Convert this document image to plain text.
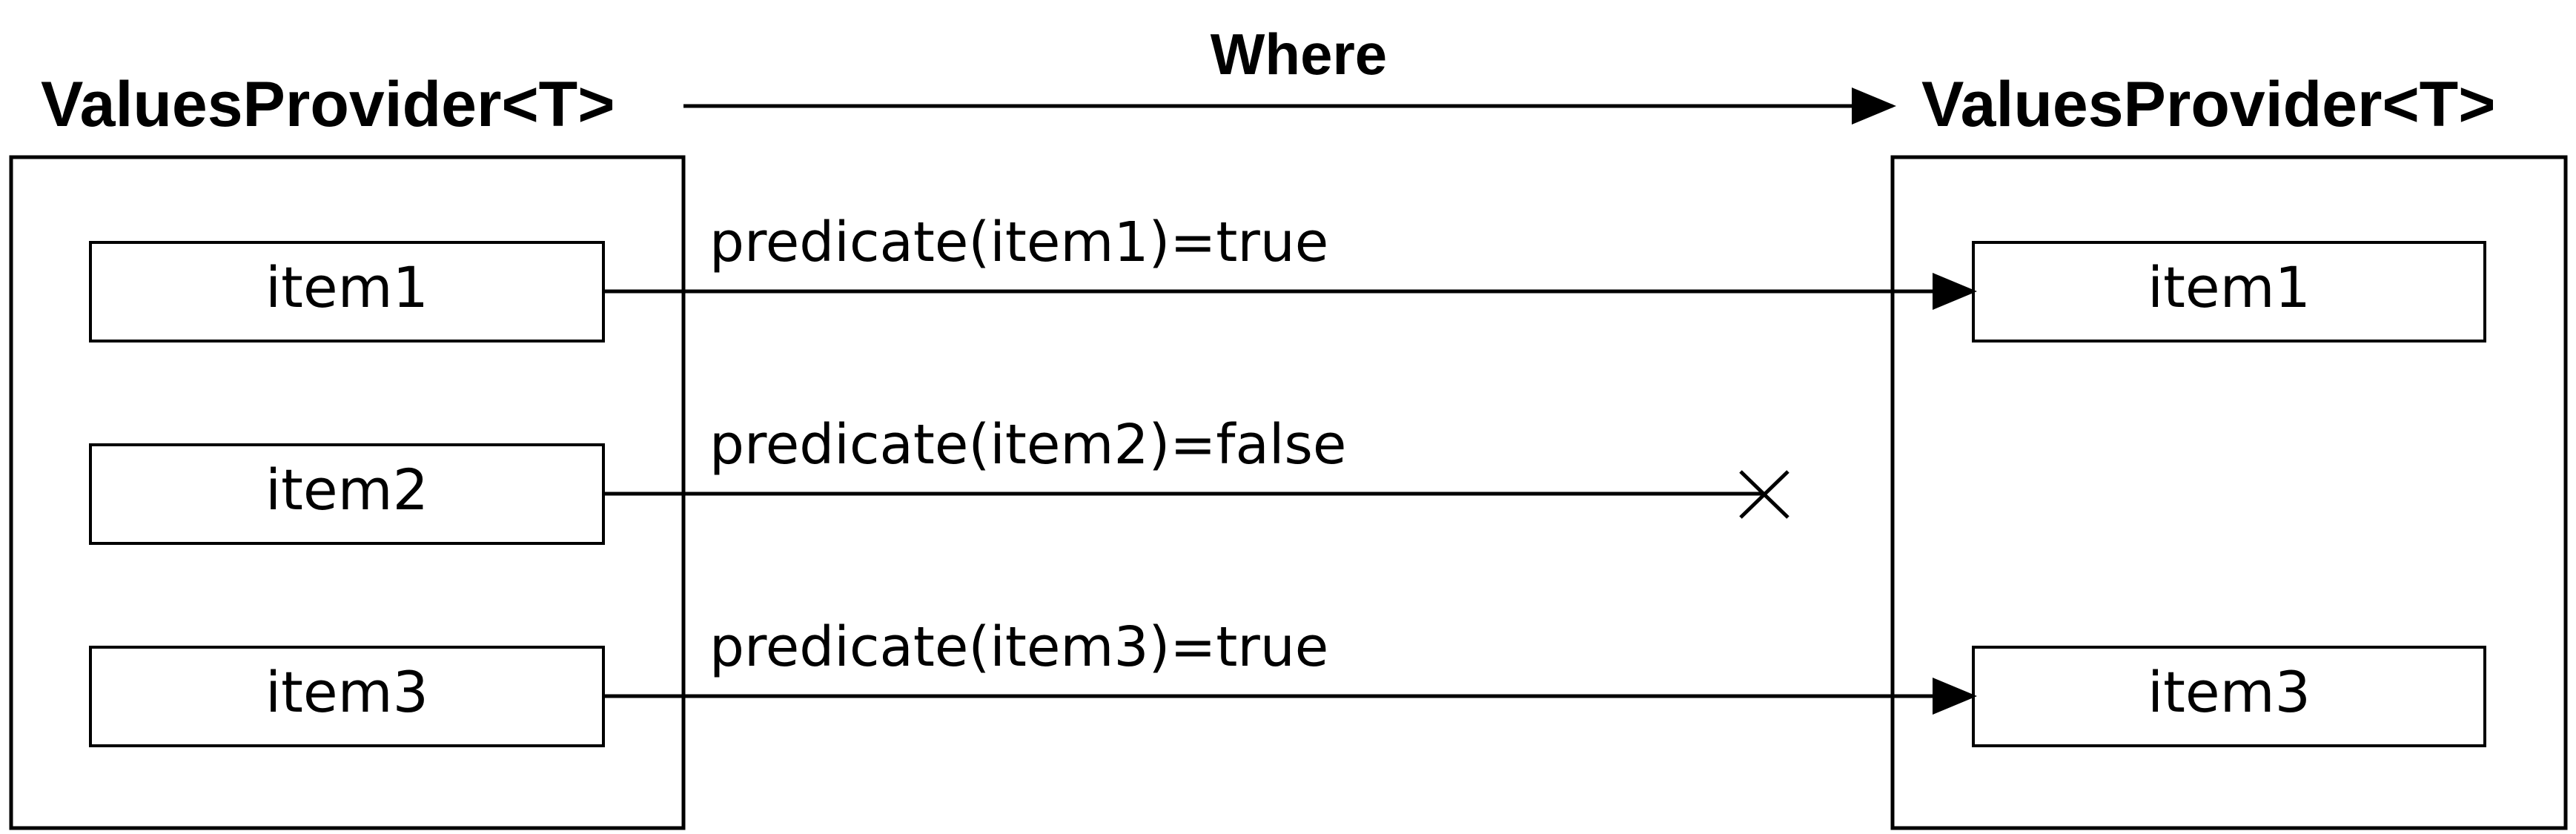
ValuesProvider<T>	ValuesProvider<T>
Where
item1
item2
item3
item1
item3
predicate(item1)=true
predicate(item2)=false
predicate(item3)=true
